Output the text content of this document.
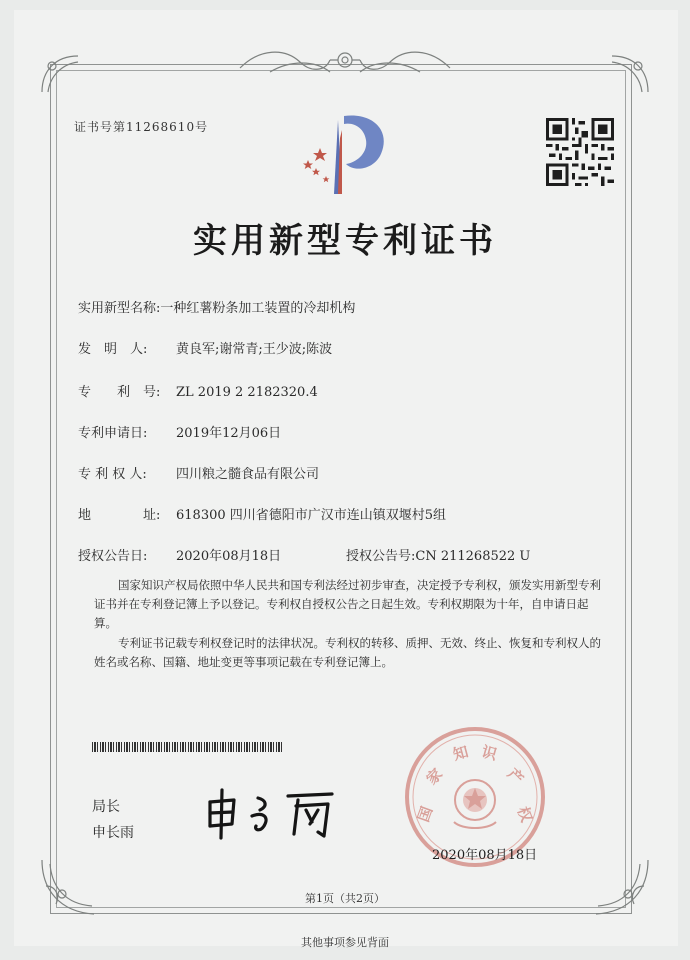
证书号第11268610号
实用新型专利证书
实用新型名称:一种红薯粉条加工装置的冷却机构
发　明　人: 黄良军;谢常青;王少波;陈波
专　　利　号: ZL 2019 2 2182320.4
专利申请日: 2019年12月06日
专 利 权 人: 四川粮之髓食品有限公司
地　　　　址: 618300 四川省德阳市广汉市连山镇双堰村5组
授权公告日: 2020年08月18日	授权公告号:CN 211268522 U
国家知识产权局依照中华人民共和国专利法经过初步审查，决定授予专利权，颁发实用新型专利证书并在专利登记簿上予以登记。专利权自授权公告之日起生效。专利权期限为十年，自申请日起算。
专利证书记载专利权登记时的法律状况。专利权的转移、质押、无效、终止、恢复和专利权人的姓名或名称、国籍、地址变更等事项记载在专利登记簿上。
局长
申长雨
国
家
知 识
产
权
2020年08月18日
第1页（共2页）
其他事项参见背面
